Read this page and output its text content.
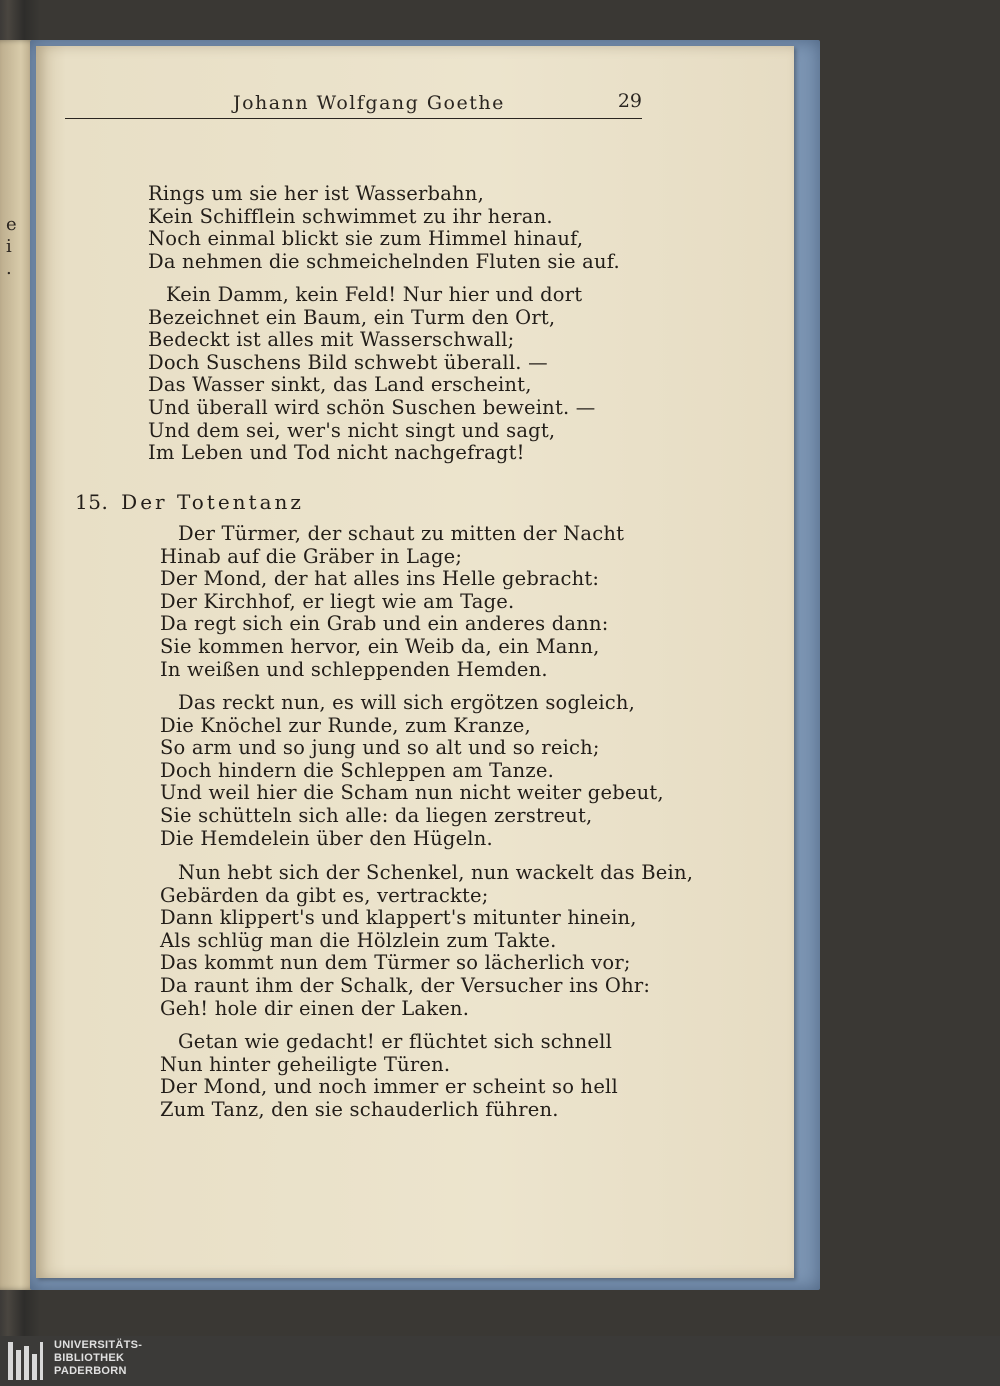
e
i
.
Johann Wolfgang Goethe	29
Rings um sie her ist Wasserbahn,
Kein Schifflein schwimmet zu ihr heran.
Noch einmal blickt sie zum Himmel hinauf,
Da nehmen die schmeichelnden Fluten sie auf.
Kein Damm, kein Feld! Nur hier und dort
Bezeichnet ein Baum, ein Turm den Ort,
Bedeckt ist alles mit Wasserschwall;
Doch Suschens Bild schwebt überall. —
Das Wasser sinkt, das Land erscheint,
Und überall wird schön Suschen beweint. —
Und dem sei, wer's nicht singt und sagt,
Im Leben und Tod nicht nachgefragt!
15. Der Totentanz
Der Türmer, der schaut zu mitten der Nacht
Hinab auf die Gräber in Lage;
Der Mond, der hat alles ins Helle gebracht:
Der Kirchhof, er liegt wie am Tage.
Da regt sich ein Grab und ein anderes dann:
Sie kommen hervor, ein Weib da, ein Mann,
In weißen und schleppenden Hemden.
Das reckt nun, es will sich ergötzen sogleich,
Die Knöchel zur Runde, zum Kranze,
So arm und so jung und so alt und so reich;
Doch hindern die Schleppen am Tanze.
Und weil hier die Scham nun nicht weiter gebeut,
Sie schütteln sich alle: da liegen zerstreut,
Die Hemdelein über den Hügeln.
Nun hebt sich der Schenkel, nun wackelt das Bein,
Gebärden da gibt es, vertrackte;
Dann klippert's und klappert's mitunter hinein,
Als schlüg man die Hölzlein zum Takte.
Das kommt nun dem Türmer so lächerlich vor;
Da raunt ihm der Schalk, der Versucher ins Ohr:
Geh! hole dir einen der Laken.
Getan wie gedacht! er flüchtet sich schnell
Nun hinter geheiligte Türen.
Der Mond, und noch immer er scheint so hell
Zum Tanz, den sie schauderlich führen.
UNIVERSITÄTS-
BIBLIOTHEK
PADERBORN
